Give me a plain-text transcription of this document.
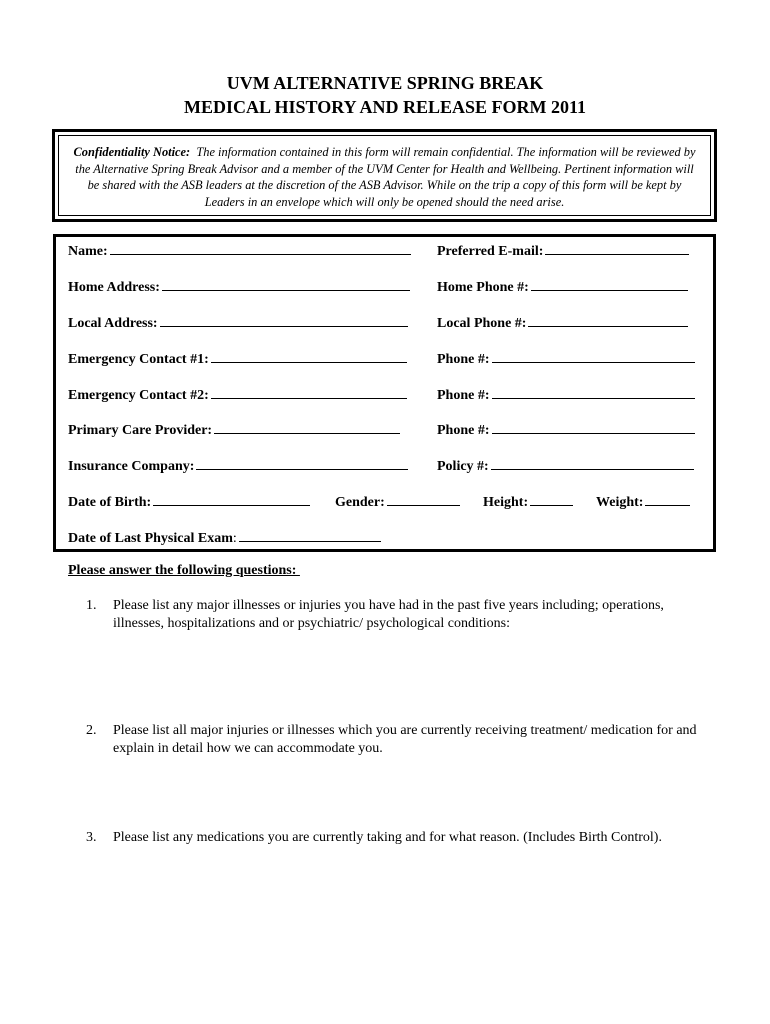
UVM ALTERNATIVE SPRING BREAK
MEDICAL HISTORY AND RELEASE FORM 2011
Confidentiality Notice: The information contained in this form will remain confidential. The information will be reviewed by the Alternative Spring Break Advisor and a member of the UVM Center for Health and Wellbeing. Pertinent information will be shared with the ASB leaders at the discretion of the ASB Advisor. While on the trip a copy of this form will be kept by Leaders in an envelope which will only be opened should the need arise.
Name:	Preferred E-mail:
Home Address:	Home Phone #:
Local Address:	Local Phone #:
Emergency Contact #1:	Phone #:
Emergency Contact #2:	Phone #:
Primary Care Provider:	Phone #:
Insurance Company:	Policy #:
Date of Birth:	Gender:	Height:	Weight:
Date of Last Physical Exam:
Please answer the following questions:
1. Please list any major illnesses or injuries you have had in the past five years including; operations, illnesses, hospitalizations and or psychiatric/ psychological conditions:
2. Please list all major injuries or illnesses which you are currently receiving treatment/ medication for and explain in detail how we can accommodate you.
3. Please list any medications you are currently taking and for what reason. (Includes Birth Control).
